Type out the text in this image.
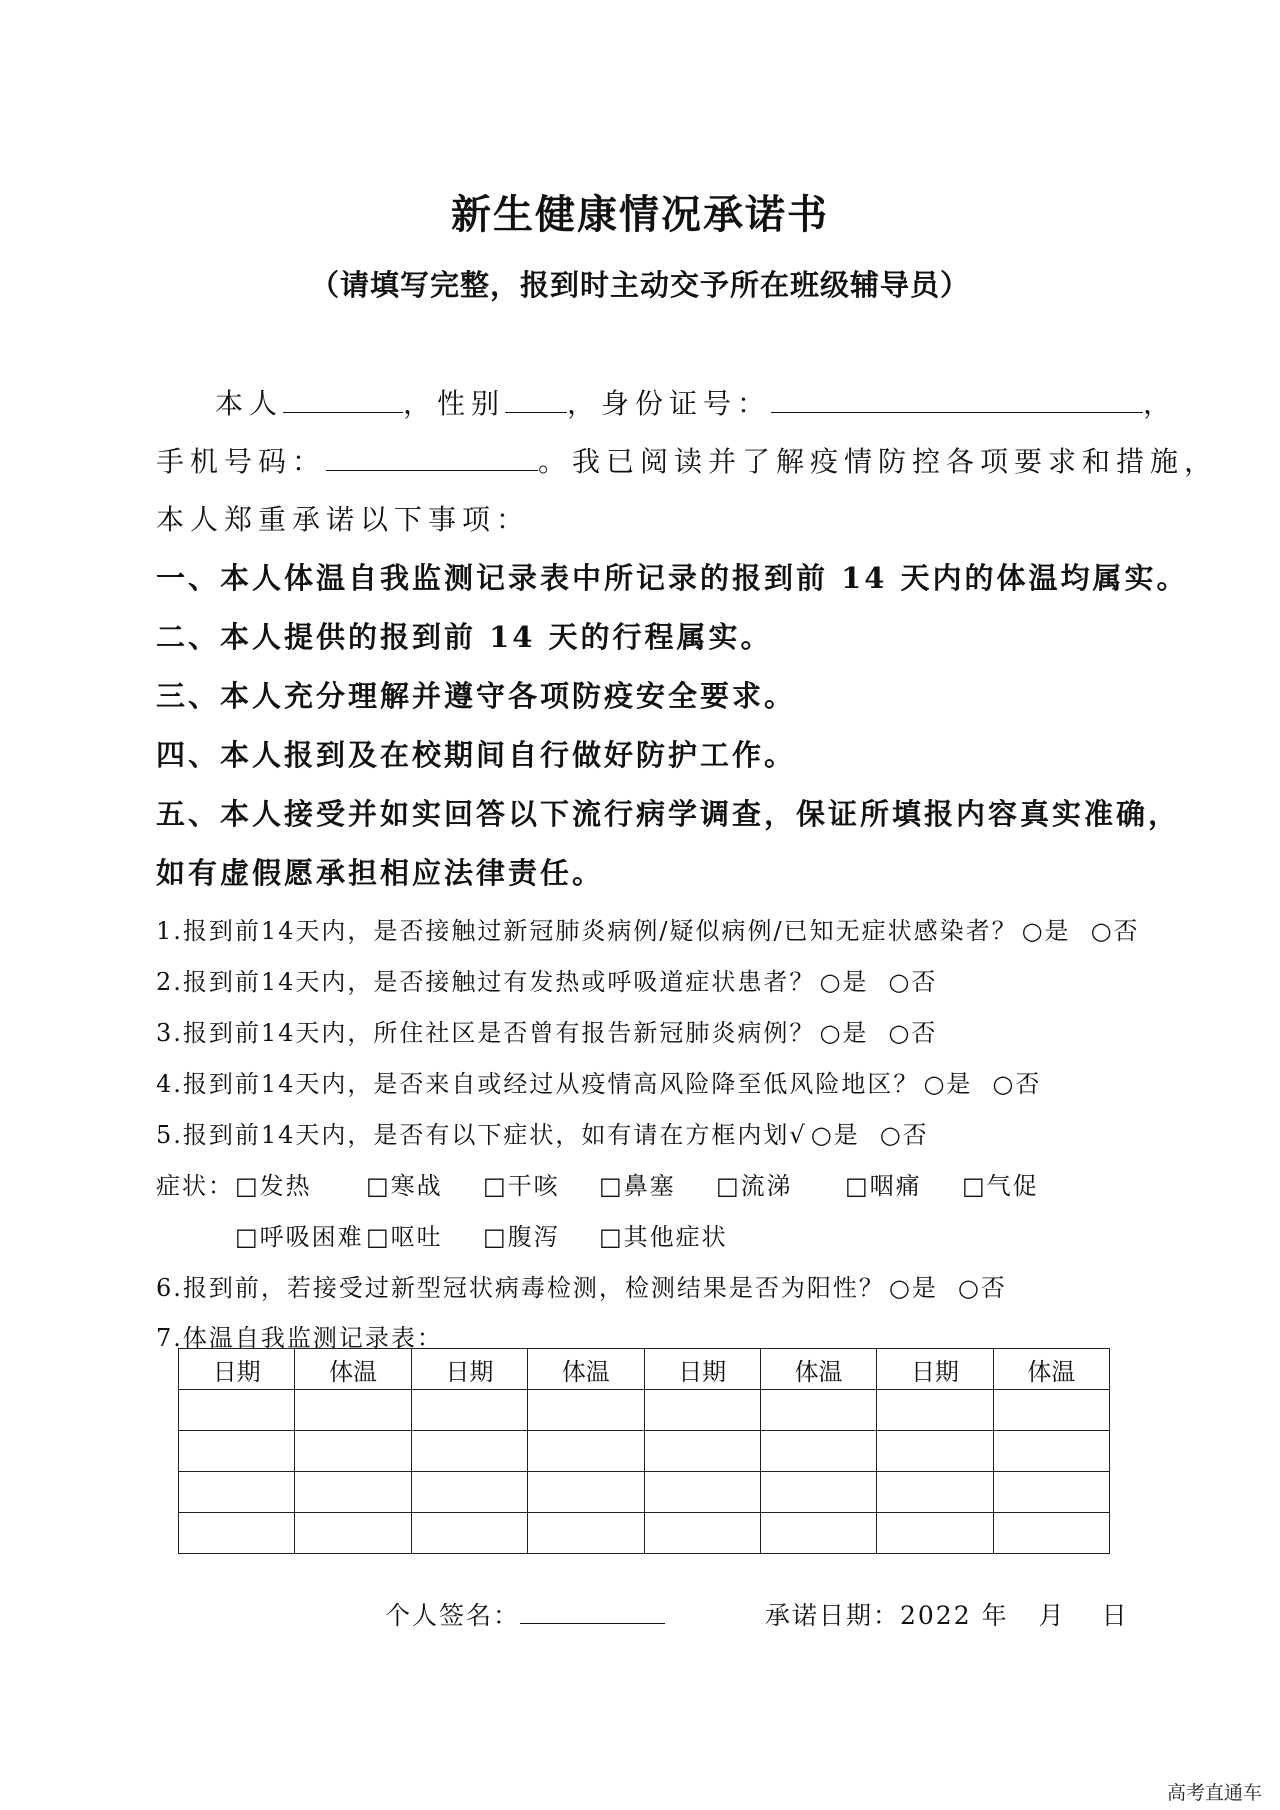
新生健康情况承诺书
（请填写完整，报到时主动交予所在班级辅导员）
本人	，性别 ，身份证号：	，
手机号码：	。我已阅读并了解疫情防控各项要求和措施，
本人郑重承诺以下事项：
一、本人体温自我监测记录表中所记录的报到前 14 天内的体温均属实。
二、本人提供的报到前 14 天的行程属实。
三、本人充分理解并遵守各项防疫安全要求。
四、本人报到及在校期间自行做好防护工作。
五、本人接受并如实回答以下流行病学调查，保证所填报内容真实准确，
如有虚假愿承担相应法律责任。
1.报到前14天内，是否接触过新冠肺炎病例/疑似病例/已知无症状感染者？ ○是 ○否
2.报到前14天内，是否接触过有发热或呼吸道症状患者？ ○是 ○否
3.报到前14天内，所住社区是否曾有报告新冠肺炎病例？ ○是 ○否
4.报到前14天内，是否来自或经过从疫情高风险降至低风险地区？ ○是 ○否
5.报到前14天内，是否有以下症状，如有请在方框内划√ ○是 ○否
症状： □发热 □寒战 □干咳 □鼻塞 □流涕 □咽痛 □气促
□呼吸困难 □呕吐 □腹泻 □其他症状
6.报到前，若接受过新型冠状病毒检测，检测结果是否为阳性？ ○是 ○否
7.体温自我监测记录表：
日期	体温	日期	体温	日期	体温	日期	体温

个人签名：	承诺日期：2022 年 月 日
高考直通车
